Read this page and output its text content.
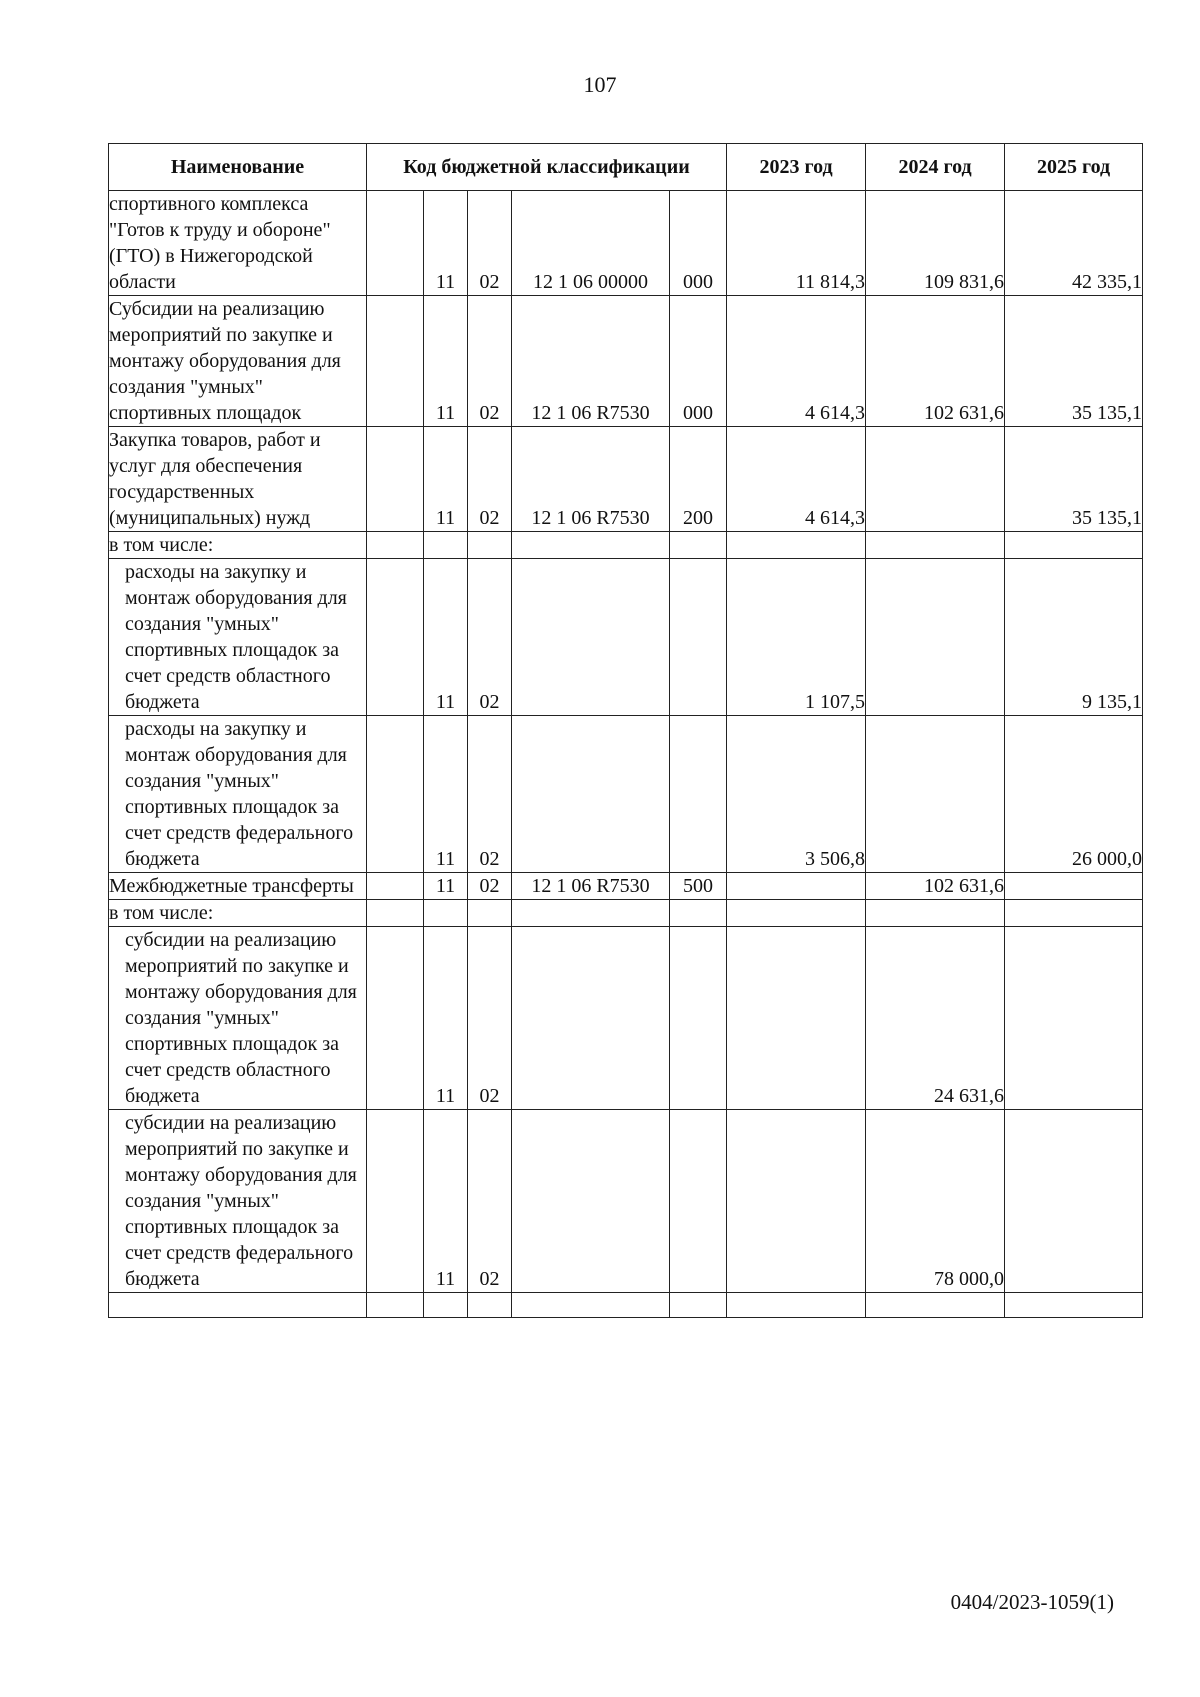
107
Наименование	Код бюджетной классификации					2023 год	2024 год	2025 год
спортивного комплекса "Готов к труду и обороне" (ГТО) в Нижегородской области		11	02	12 1 06 00000	000	11 814,3	109 831,6	42 335,1
Субсидии на реализацию мероприятий по закупке и монтажу оборудования для создания "умных" спортивных площадок		11	02	12 1 06 R7530	000	4 614,3	102 631,6	35 135,1
Закупка товаров, работ и услуг для обеспечения государственных (муниципальных) нужд		11	02	12 1 06 R7530	200	4 614,3		35 135,1
в том числе:								

расходы на закупку и монтаж оборудования для создания "умных" спортивных площадок за счет средств областного бюджета		11	02			1 107,5		9 135,1

расходы на закупку и монтаж оборудования для создания "умных" спортивных площадок за счет средств федерального бюджета		11	02			3 506,8		26 000,0
Межбюджетные трансферты		11	02	12 1 06 R7530	500		102 631,6	
в том числе:								

субсидии на реализацию мероприятий по закупке и монтажу оборудования для создания "умных" спортивных площадок за счет средств областного бюджета		11	02				24 631,6	

субсидии на реализацию мероприятий по закупке и монтажу оборудования для создания "умных" спортивных площадок за счет средств федерального бюджета		11	02				78 000,0	

0404/2023-1059(1)
